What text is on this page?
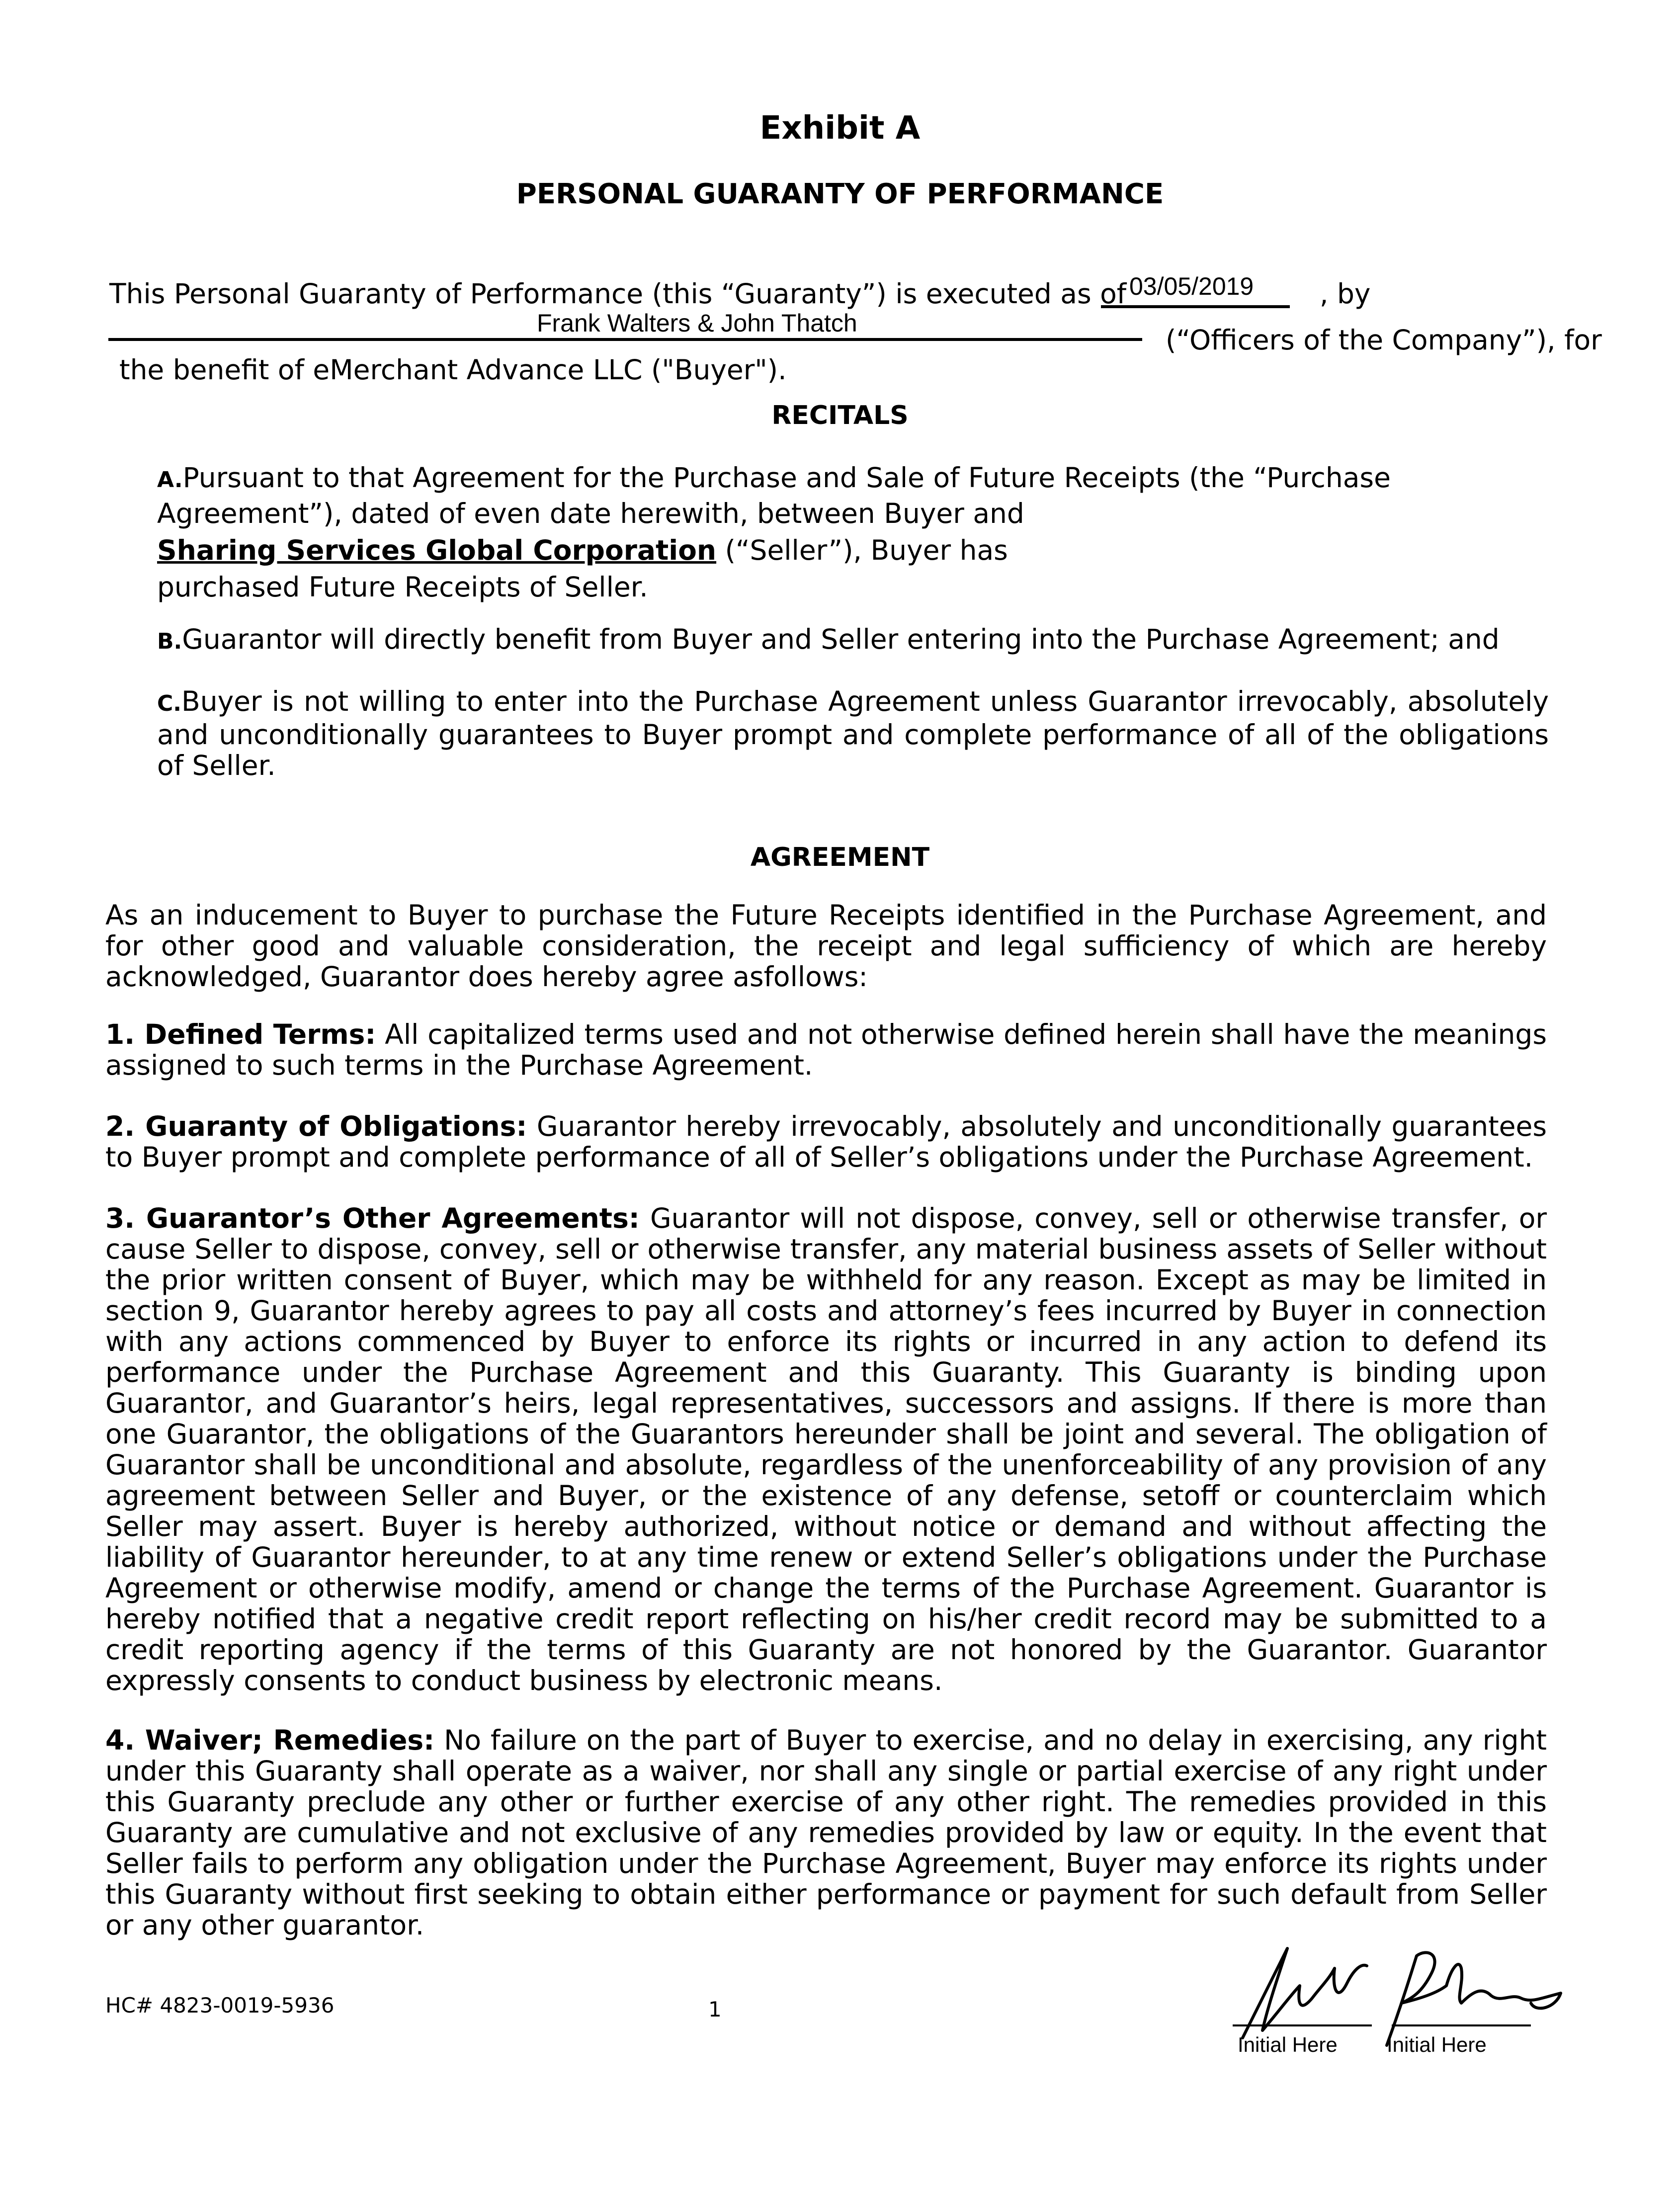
Exhibit A
PERSONAL GUARANTY OF PERFORMANCE
This Personal Guaranty of Performance (this “Guaranty”) is executed as of 03/05/2019 , by
Frank Walters & John Thatch
(“Officers of the Company”), for
the benefit of eMerchant Advance LLC ("Buyer").
RECITALS
A.Pursuant to that Agreement for the Purchase and Sale of Future Receipts (the “Purchase
Agreement”), dated of even date herewith, between Buyer and
Sharing Services Global Corporation (“Seller”), Buyer has
purchased Future Receipts of Seller.
B.Guarantor will directly benefit from Buyer and Seller entering into the Purchase Agreement; and
C.Buyer is not willing to enter into the Purchase Agreement unless Guarantor irrevocably, absolutely and unconditionally guarantees to Buyer prompt and complete performance of all of the obligations of Seller.
AGREEMENT

As an inducement to Buyer to purchase the Future Receipts identified in the Purchase Agreement, and for other good and valuable consideration, the receipt and legal sufficiency of which are hereby acknowledged, Guarantor does hereby agree asfollows:

1. Defined Terms: All capitalized terms used and not otherwise defined herein shall have the meanings assigned to such terms in the Purchase Agreement.

2. Guaranty of Obligations: Guarantor hereby irrevocably, absolutely and unconditionally guarantees to Buyer prompt and complete performance of all of Seller’s obligations under the Purchase Agreement.

3. Guarantor’s Other Agreements: Guarantor will not dispose, convey, sell or otherwise transfer, or cause Seller to dispose, convey, sell or otherwise transfer, any material business assets of Seller without the prior written consent of Buyer, which may be withheld for any reason. Except as may be limited in section 9, Guarantor hereby agrees to pay all costs and attorney’s fees incurred by Buyer in connection with any actions commenced by Buyer to enforce its rights or incurred in any action to defend its performance under the Purchase Agreement and this Guaranty. This Guaranty is binding upon Guarantor, and Guarantor’s heirs, legal representatives, successors and assigns. If there is more than one Guarantor, the obligations of the Guarantors hereunder shall be joint and several. The obligation of Guarantor shall be unconditional and absolute, regardless of the unenforceability of any provision of any agreement between Seller and Buyer, or the existence of any defense, setoff or counterclaim which Seller may assert. Buyer is hereby authorized, without notice or demand and without affecting the liability of Guarantor hereunder, to at any time renew or extend Seller’s obligations under the Purchase Agreement or otherwise modify, amend or change the terms of the Purchase Agreement. Guarantor is hereby notified that a negative credit report reflecting on his/her credit record may be submitted to a credit reporting agency if the terms of this Guaranty are not honored by the Guarantor. Guarantor expressly consents to conduct business by electronic means.

4. Waiver; Remedies: No failure on the part of Buyer to exercise, and no delay in exercising, any right under this Guaranty shall operate as a waiver, nor shall any single or partial exercise of any right under this Guaranty preclude any other or further exercise of any other right. The remedies provided in this Guaranty are cumulative and not exclusive of any remedies provided by law or equity. In the event that Seller fails to perform any obligation under the Purchase Agreement, Buyer may enforce its rights under this Guaranty without first seeking to obtain either performance or payment for such default from Seller or any other guarantor.

HC# 4823-0019-5936	1
Initial Here Initial Here
